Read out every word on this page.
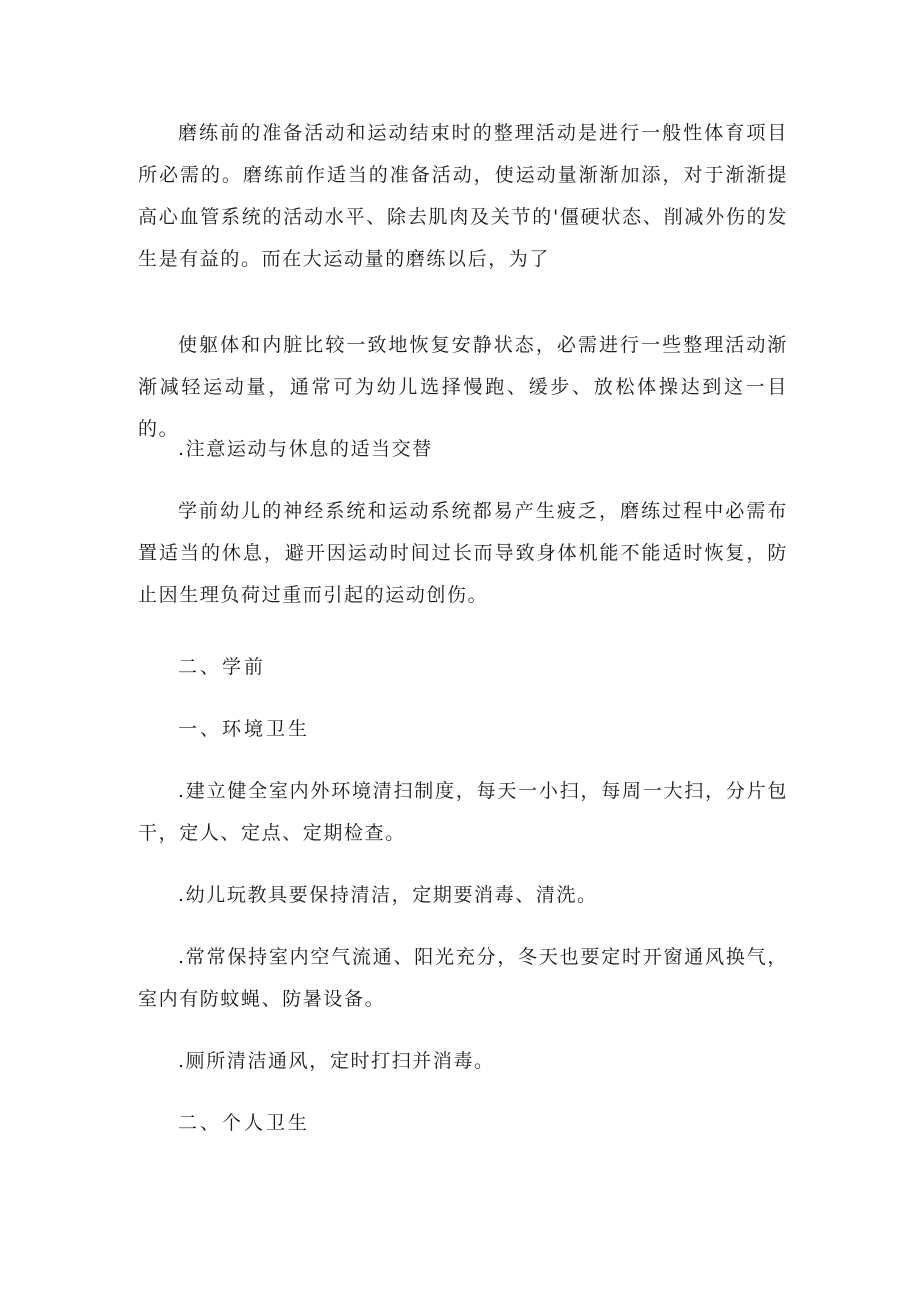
磨练前的准备活动和运动结束时的整理活动是进行一般性体育项目所必需的。磨练前作适当的准备活动，使运动量渐渐加添，对于渐渐提高心血管系统的活动水平、除去肌肉及关节的'僵硬状态、削减外伤的发生是有益的。而在大运动量的磨练以后，为了

使躯体和内脏比较一致地恢复安静状态，必需进行一些整理活动渐渐减轻运动量，通常可为幼儿选择慢跑、缓步、放松体操达到这一目的。

.注意运动与休息的适当交替

学前幼儿的神经系统和运动系统都易产生疲乏，磨练过程中必需布置适当的休息，避开因运动时间过长而导致身体机能不能适时恢复，防止因生理负荷过重而引起的运动创伤。

二、学前

一、环境卫生

.建立健全室内外环境清扫制度，每天一小扫，每周一大扫，分片包干，定人、定点、定期检查。

.幼儿玩教具要保持清洁，定期要消毒、清洗。

.常常保持室内空气流通、阳光充分，冬天也要定时开窗通风换气，室内有防蚊蝇、防暑设备。

.厕所清洁通风，定时打扫并消毒。

二、个人卫生
